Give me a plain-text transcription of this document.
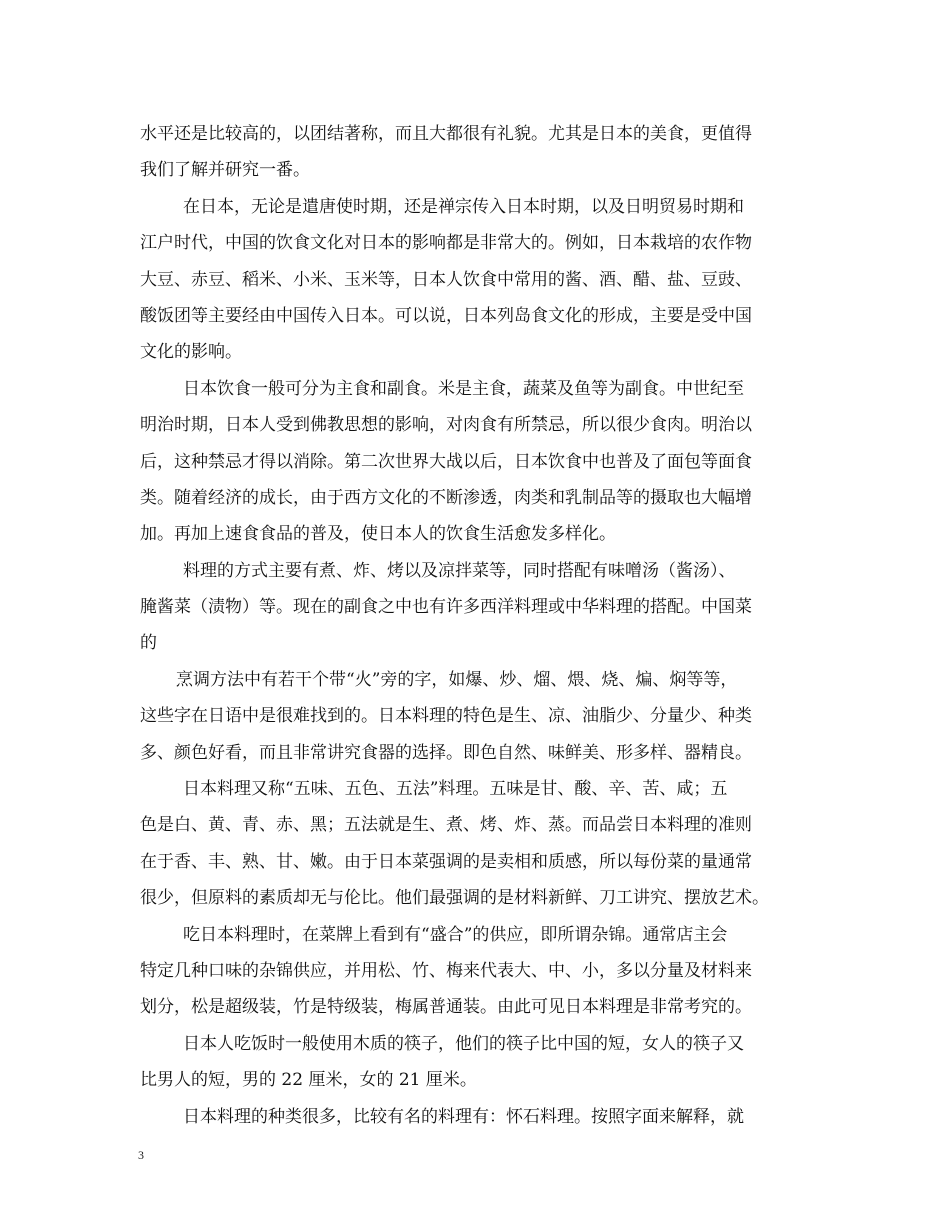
水平还是比较高的，以团结著称，而且大都很有礼貌。尤其是日本的美食，更值得
我们了解并研究一番。
在日本，无论是遣唐使时期，还是禅宗传入日本时期，以及日明贸易时期和
江户时代，中国的饮食文化对日本的影响都是非常大的。例如，日本栽培的农作物
大豆、赤豆、稻米、小米、玉米等，日本人饮食中常用的酱、酒、醋、盐、豆豉、
酸饭团等主要经由中国传入日本。可以说，日本列岛食文化的形成，主要是受中国
文化的影响。
日本饮食一般可分为主食和副食。米是主食，蔬菜及鱼等为副食。中世纪至
明治时期，日本人受到佛教思想的影响，对肉食有所禁忌，所以很少食肉。明治以
后，这种禁忌才得以消除。第二次世界大战以后，日本饮食中也普及了面包等面食
类。随着经济的成长，由于西方文化的不断渗透，肉类和乳制品等的摄取也大幅增
加。再加上速食食品的普及，使日本人的饮食生活愈发多样化。
料理的方式主要有煮、炸、烤以及凉拌菜等，同时搭配有味噌汤（酱汤）、
腌酱菜（渍物）等。现在的副食之中也有许多西洋料理或中华料理的搭配。中国菜
的
烹调方法中有若干个带“火”旁的字，如爆、炒、熘、煨、烧、煸、焖等等，
这些字在日语中是很难找到的。日本料理的特色是生、凉、油脂少、分量少、种类
多、颜色好看，而且非常讲究食器的选择。即色自然、味鲜美、形多样、器精良。
日本料理又称“五味、五色、五法”料理。五味是甘、酸、辛、苦、咸；五
色是白、黄、青、赤、黑；五法就是生、煮、烤、炸、蒸。而品尝日本料理的准则
在于香、丰、熟、甘、嫩。由于日本菜强调的是卖相和质感，所以每份菜的量通常
很少，但原料的素质却无与伦比。他们最强调的是材料新鲜、刀工讲究、摆放艺术。
吃日本料理时，在菜牌上看到有“盛合”的供应，即所谓杂锦。通常店主会
特定几种口味的杂锦供应，并用松、竹、梅来代表大、中、小，多以分量及材料来
划分，松是超级装，竹是特级装，梅属普通装。由此可见日本料理是非常考究的。
日本人吃饭时一般使用木质的筷子，他们的筷子比中国的短，女人的筷子又
比男人的短，男的 22 厘米，女的 21 厘米。
日本料理的种类很多，比较有名的料理有：怀石料理。按照字面来解释，就
3
